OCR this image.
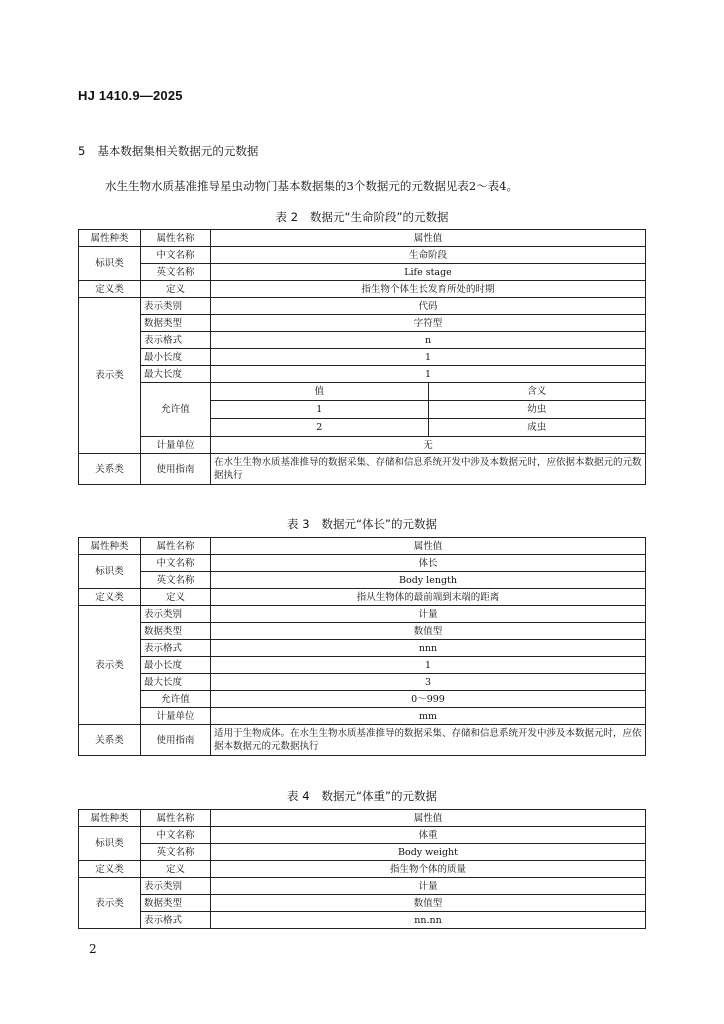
HJ 1410.9—2025
5 基本数据集相关数据元的元数据
水生生物水质基准推导星虫动物门基本数据集的3个数据元的元数据见表2～表4。
表 2 数据元“生命阶段”的元数据
属性种类	属性名称	属性值
标识类	中文名称	生命阶段
英文名称	Life stage
定义类	定义	指生物个体生长发育所处的时期
表示类	表示类别	代码
数据类型	字符型
表示格式	n
最小长度	1
最大长度	1
允许值	
值	含义
1	幼虫
2	成虫

计量单位	无
关系类	使用指南	在水生生物水质基准推导的数据采集、存储和信息系统开发中涉及本数据元时，应依据本数据元的元数据执行
表 3 数据元“体长”的元数据
属性种类	属性名称	属性值
标识类	中文名称	体长
	英文名称	Body length
定义类	定义	指从生物体的最前端到末端的距离
表示类	表示类别	计量
	数据类型	数值型
	表示格式	nnn
	最小长度	1
	最大长度	3
	允许值	0～999
	计量单位	mm
关系类	使用指南	适用于生物成体。在水生生物水质基准推导的数据采集、存储和信息系统开发中涉及本数据元时，应依据本数据元的元数据执行
表 4 数据元“体重”的元数据
属性种类	属性名称	属性值
标识类	中文名称	体重
	英文名称	Body weight
定义类	定义	指生物个体的质量
表示类	表示类别	计量
	数据类型	数值型
	表示格式	nn.nn
2
